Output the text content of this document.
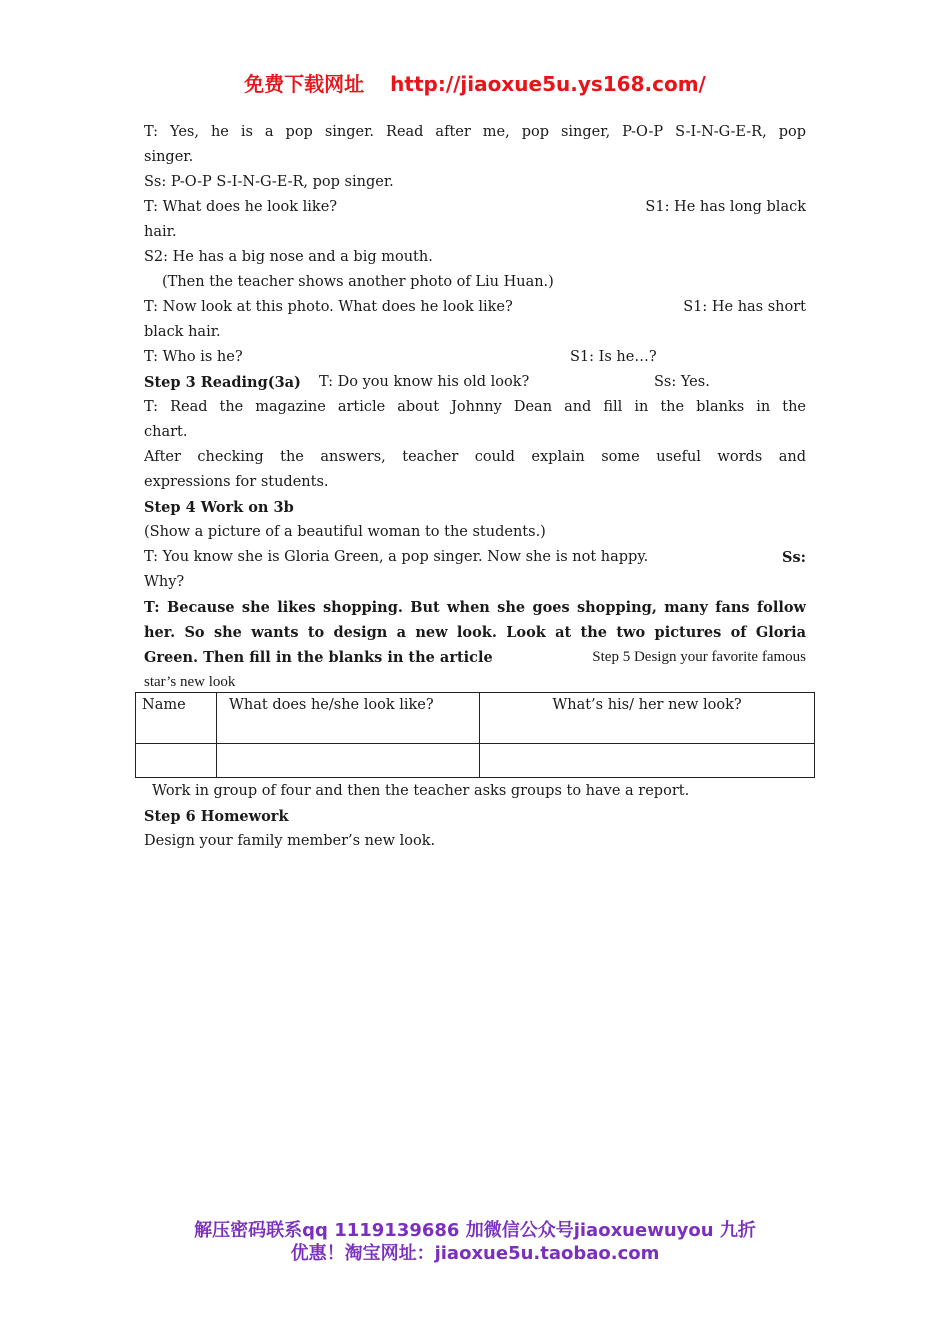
免费下载网址 http://jiaoxue5u.ys168.com/
T: Yes, he is a pop singer. Read after me, pop singer, P-O-P S-I-N-G-E-R, pop
singer.
Ss: P-O-P S-I-N-G-E-R, pop singer.
T: What does he look like?	S1: He has long black
hair.
S2: He has a big nose and a big mouth.
(Then the teacher shows another photo of Liu Huan.)
T: Now look at this photo. What does he look like?	S1: He has short
black hair.
T: Who is he?	S1: Is he…?
Step 3 Reading(3a) T: Do you know his old look?	Ss: Yes.
T: Read the magazine article about Johnny Dean and fill in the blanks in the
chart.
After checking the answers, teacher could explain some useful words and
expressions for students.
Step 4 Work on 3b
(Show a picture of a beautiful woman to the students.)
T: You know she is Gloria Green, a pop singer. Now she is not happy.	Ss:
Why?
T: Because she likes shopping. But when she goes shopping, many fans follow
her. So she wants to design a new look. Look at the two pictures of Gloria
Green. Then fill in the blanks in the article	Step 5 Design your favorite famous
star’s new look
Name	What does he/she look like?	What’s his/ her new look?

Work in group of four and then the teacher asks groups to have a report.
Step 6 Homework
Design your family member’s new look.
解压密码联系qq 1119139686 加微信公众号jiaoxuewuyou 九折
优惠！淘宝网址：jiaoxue5u.taobao.com
